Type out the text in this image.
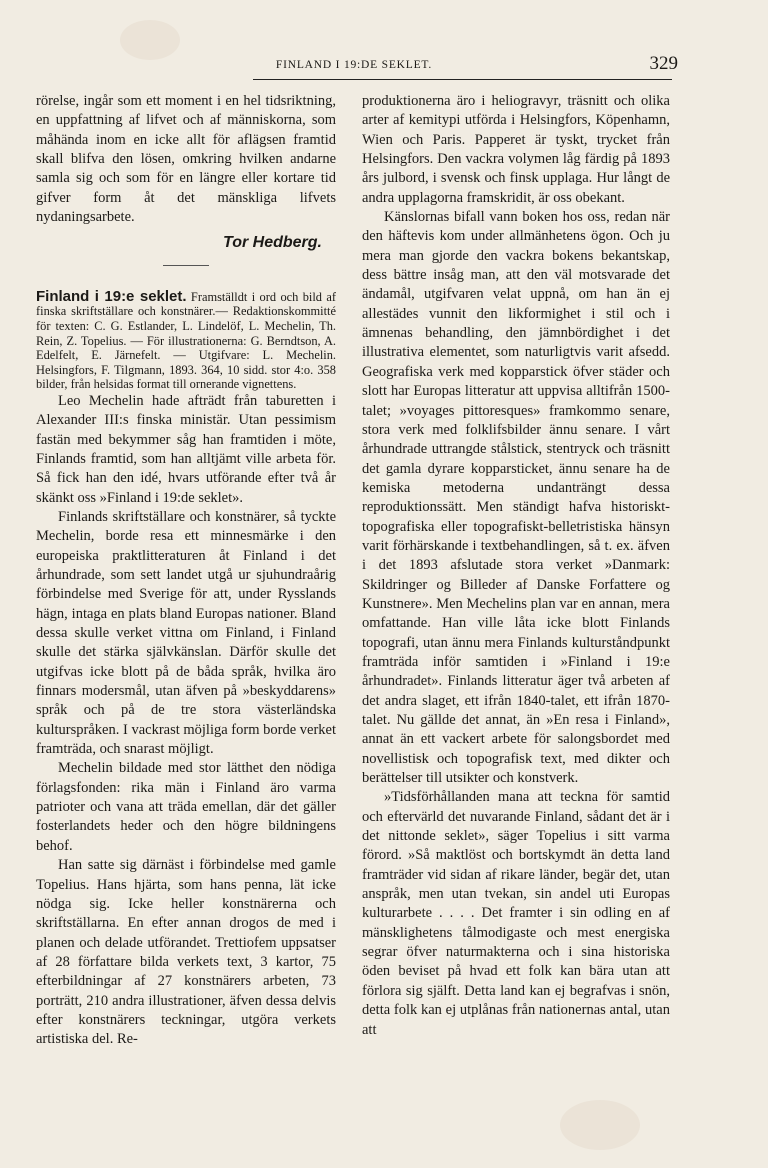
FINLAND I 19:DE SEKLET.	329

rörelse, ingår som ett moment i en hel tidsriktning, en uppfattning af lifvet och af människorna, som måhända inom en icke allt för aflägsen framtid skall blifva den lösen, omkring hvilken andarne samla sig och som för en längre eller kortare tid gifver form åt det mänskliga lifvets nydaningsarbete.

Tor Hedberg.
Finland i 19:e seklet. Framställdt i ord och bild af finska skriftställare och konstnärer.— Redaktionskommitté för texten: C. G. Estlander, L. Lindelöf, L. Mechelin, Th. Rein, Z. Topelius. — För illustrationerna: G. Berndtson, A. Edelfelt, E. Järnefelt. — Utgifvare: L. Mechelin. Helsingfors, F. Tilgmann, 1893. 364, 10 sidd. stor 4:o. 358 bilder, från helsidas format till ornerande vignettens.

Leo Mechelin hade afträdt från taburetten i Alexander III:s finska ministär. Utan pessimism fastän med bekymmer såg han framtiden i möte, Finlands framtid, som han alltjämt ville arbeta för. Så fick han den idé, hvars utförande efter två år skänkt oss »Finland i 19:de seklet».

Finlands skriftställare och konstnärer, så tyckte Mechelin, borde resa ett minnesmärke i den europeiska praktlitteraturen åt Finland i det århundrade, som sett landet utgå ur sjuhundraårig förbindelse med Sverige för att, under Rysslands hägn, intaga en plats bland Europas nationer. Bland dessa skulle verket vittna om Finland, i Finland skulle det stärka självkänslan. Därför skulle det utgifvas icke blott på de båda språk, hvilka äro finnars modersmål, utan äfven på »beskyddarens» språk och på de tre stora västerländska kulturspråken. I vackrast möjliga form borde verket framträda, och snarast möjligt.

Mechelin bildade med stor lätthet den nödiga förlagsfonden: rika män i Finland äro varma patrioter och vana att träda emellan, där det gäller fosterlandets heder och den högre bildningens behof.

Han satte sig därnäst i förbindelse med gamle Topelius. Hans hjärta, som hans penna, lät icke nödga sig. Icke heller konstnärerna och skriftställarna. En efter annan drogos de med i planen och delade utförandet. Trettiofem uppsatser af 28 författare bilda verkets text, 3 kartor, 75 efterbildningar af 27 konstnärers arbeten, 73 porträtt, 210 andra illustrationer, äfven dessa delvis efter konstnärers teckningar, utgöra verkets artistiska del. Re-

produktionerna äro i heliogravyr, träsnitt och olika arter af kemitypi utförda i Helsingfors, Köpenhamn, Wien och Paris. Papperet är tyskt, trycket från Helsingfors. Den vackra volymen låg färdig på 1893 års julbord, i svensk och finsk upplaga. Hur långt de andra upplagorna framskridit, är oss obekant.

Känslornas bifall vann boken hos oss, redan när den häftevis kom under allmänhetens ögon. Och ju mera man gjorde den vackra bokens bekantskap, dess bättre insåg man, att den väl motsvarade det ändamål, utgifvaren velat uppnå, om han än ej allestädes vunnit den likformighet i stil och i ämnenas behandling, den jämnbördighet i det illustrativa elementet, som naturligtvis varit afsedd. Geografiska verk med kopparstick öfver städer och slott har Europas litteratur att uppvisa alltifrån 1500-talet; »voyages pittoresques» framkommo senare, stora verk med folklifsbilder ännu senare. I vårt århundrade uttrangde stålstick, stentryck och träsnitt det gamla dyrare kopparsticket, ännu senare ha de kemiska metoderna undanträngt dessa reproduktionssätt. Men ständigt hafva historiskt-topografiska eller topografiskt-belletristiska hänsyn varit förhärskande i textbehandlingen, så t. ex. äfven i det 1893 afslutade stora verket »Danmark: Skildringer og Billeder af Danske Forfattere og Kunstnere». Men Mechelins plan var en annan, mera omfattande. Han ville låta icke blott Finlands topografi, utan ännu mera Finlands kulturståndpunkt framträda inför samtiden i »Finland i 19:e århundradet». Finlands litteratur äger två arbeten af det andra slaget, ett ifrån 1840-talet, ett ifrån 1870-talet. Nu gällde det annat, än »En resa i Finland», annat än ett vackert arbete för salongsbordet med novellistisk och topografisk text, med dikter och berättelser till utsikter och konstverk.

»Tidsförhållanden mana att teckna för samtid och eftervärld det nuvarande Finland, sådant det är i det nittonde seklet», säger Topelius i sitt varma förord. »Så maktlöst och bortskymdt än detta land framträder vid sidan af rikare länder, begär det, utan anspråk, men utan tvekan, sin andel uti Europas kulturarbete . . . . Det framter i sin odling en af mänsklighetens tålmodigaste och mest energiska segrar öfver naturmakterna och i sina historiska öden beviset på hvad ett folk kan bära utan att förlora sig själft. Detta land kan ej begrafvas i snön, detta folk kan ej utplånas från nationernas antal, utan att
